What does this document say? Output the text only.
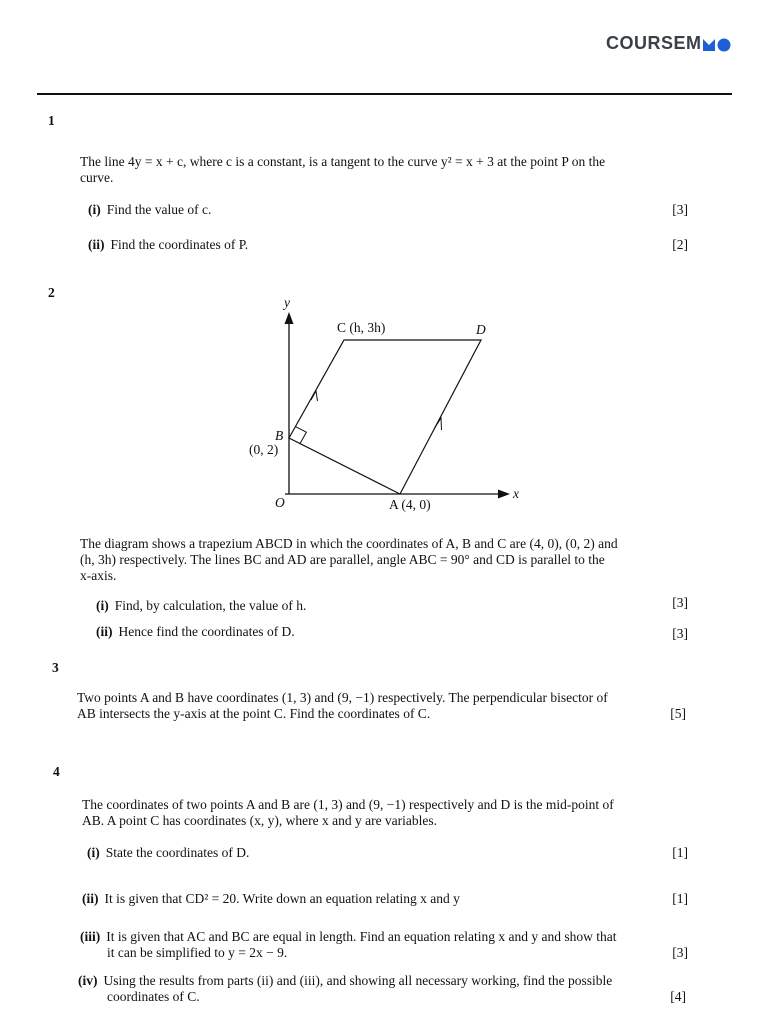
COURSEM
1
The line 4y = x + c, where c is a constant, is a tangent to the curve y² = x + 3 at the point P on the
curve.
(i) Find the value of c.	[3]
(ii) Find the coordinates of P.	[2]
2
y
x
O
C (h, 3h)	D
B
(0, 2)
A (4, 0)
The diagram shows a trapezium ABCD in which the coordinates of A, B and C are (4, 0), (0, 2) and
(h, 3h) respectively. The lines BC and AD are parallel, angle ABC = 90° and CD is parallel to the
x-axis.
(i) Find, by calculation, the value of h.	[3]
(ii) Hence find the coordinates of D.	[3]
3
Two points A and B have coordinates (1, 3) and (9, −1) respectively. The perpendicular bisector of
AB intersects the y-axis at the point C. Find the coordinates of C.	[5]
4
The coordinates of two points A and B are (1, 3) and (9, −1) respectively and D is the mid-point of
AB. A point C has coordinates (x, y), where x and y are variables.
(i) State the coordinates of D.	[1]
(ii) It is given that CD² = 20. Write down an equation relating x and y	[1]
(iii) It is given that AC and BC are equal in length. Find an equation relating x and y and show that
it can be simplified to y = 2x − 9.	[3]
(iv) Using the results from parts (ii) and (iii), and showing all necessary working, find the possible
coordinates of C.	[4]
